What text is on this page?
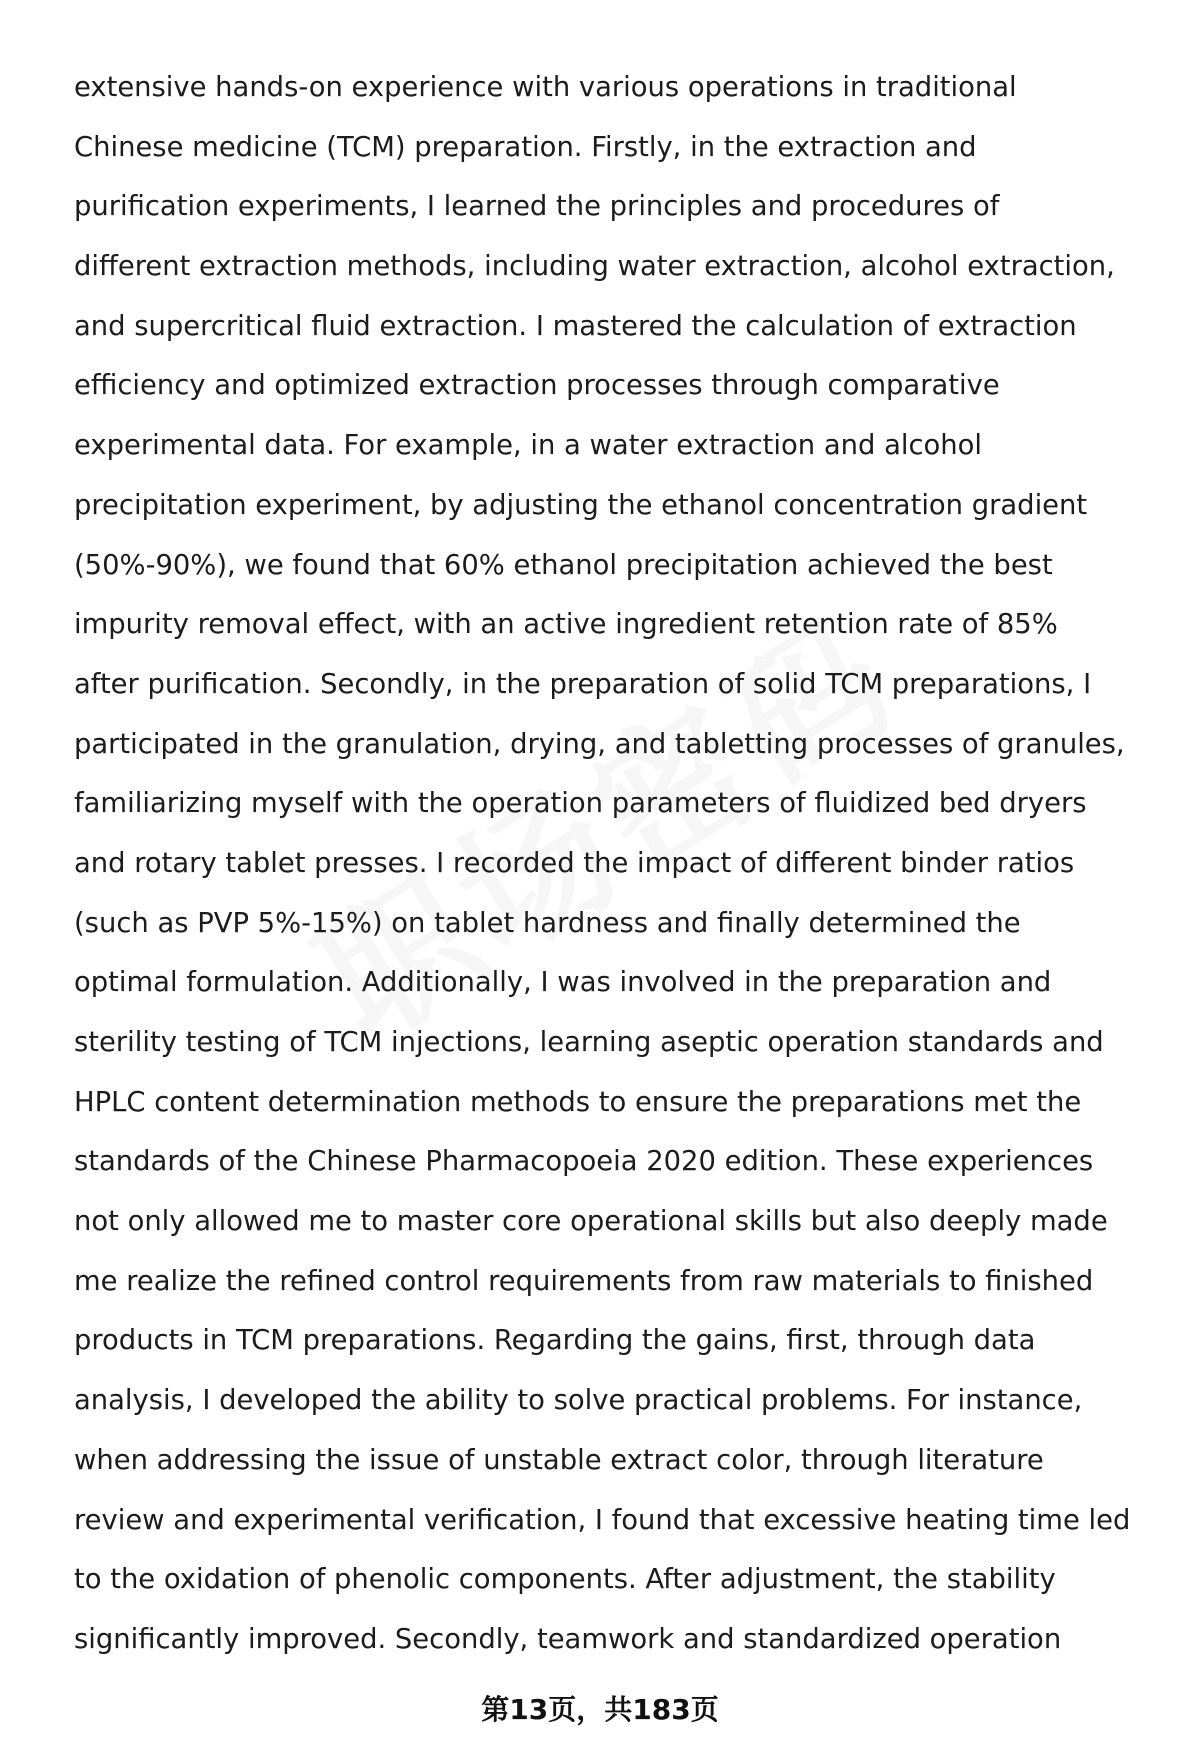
extensive hands-on experience with various operations in traditional
Chinese medicine (TCM) preparation. Firstly, in the extraction and
purification experiments, I learned the principles and procedures of
different extraction methods, including water extraction, alcohol extraction,
and supercritical fluid extraction. I mastered the calculation of extraction
efficiency and optimized extraction processes through comparative
experimental data. For example, in a water extraction and alcohol
precipitation experiment, by adjusting the ethanol concentration gradient
(50%-90%), we found that 60% ethanol precipitation achieved the best
impurity removal effect, with an active ingredient retention rate of 85%
after purification. Secondly, in the preparation of solid TCM preparations, I
participated in the granulation, drying, and tabletting processes of granules,
familiarizing myself with the operation parameters of fluidized bed dryers
and rotary tablet presses. I recorded the impact of different binder ratios
(such as PVP 5%-15%) on tablet hardness and finally determined the
optimal formulation. Additionally, I was involved in the preparation and
sterility testing of TCM injections, learning aseptic operation standards and
HPLC content determination methods to ensure the preparations met the
standards of the Chinese Pharmacopoeia 2020 edition. These experiences
not only allowed me to master core operational skills but also deeply made
me realize the refined control requirements from raw materials to finished
products in TCM preparations. Regarding the gains, first, through data
analysis, I developed the ability to solve practical problems. For instance,
when addressing the issue of unstable extract color, through literature
review and experimental verification, I found that excessive heating time led
to the oxidation of phenolic components. After adjustment, the stability
significantly improved. Secondly, teamwork and standardized operation
第13页，共183页
